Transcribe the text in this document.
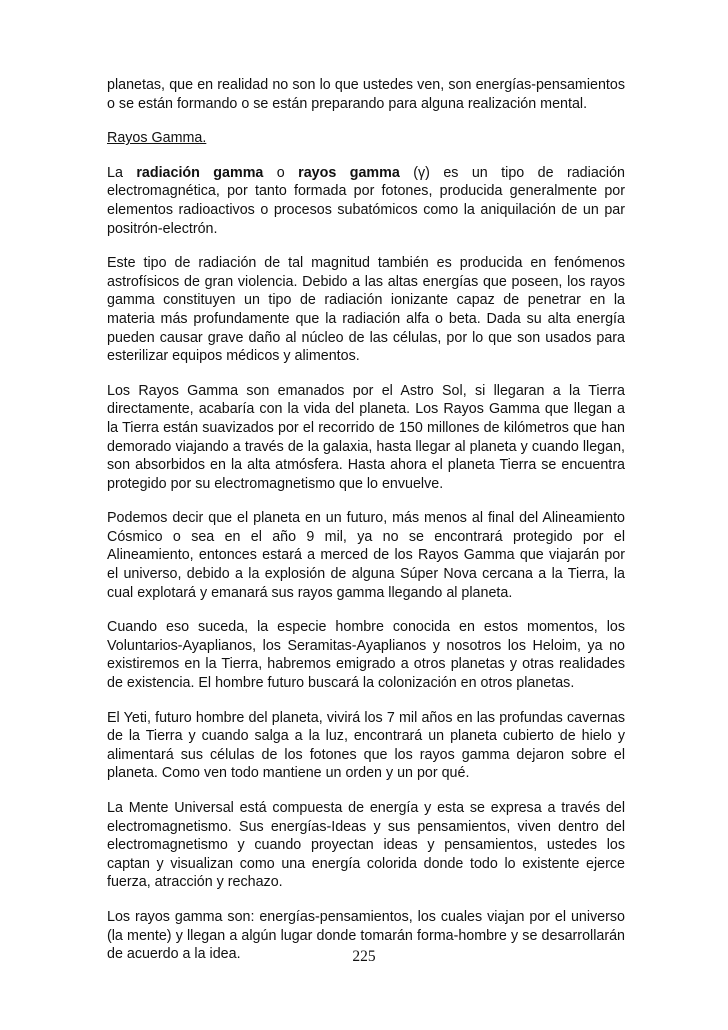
planetas, que en realidad no son lo que ustedes ven, son energías-pensamientos o se están formando o se están preparando para alguna realización mental.

Rayos Gamma.

La radiación gamma o rayos gamma (γ) es un tipo de radiación electromagnética, por tanto formada por fotones, producida generalmente por elementos radioactivos o procesos subatómicos como la aniquilación de un par positrón-electrón.

Este tipo de radiación de tal magnitud también es producida en fenómenos astrofísicos de gran violencia. Debido a las altas energías que poseen, los rayos gamma constituyen un tipo de radiación ionizante capaz de penetrar en la materia más profundamente que la radiación alfa o beta. Dada su alta energía pueden causar grave daño al núcleo de las células, por lo que son usados para esterilizar equipos médicos y alimentos.

Los Rayos Gamma son emanados por el Astro Sol, si llegaran a la Tierra directamente, acabaría con la vida del planeta. Los Rayos Gamma que llegan a la Tierra están suavizados por el recorrido de 150 millones de kilómetros que han demorado viajando a través de la galaxia, hasta llegar al planeta y cuando llegan, son absorbidos en la alta atmósfera. Hasta ahora el planeta Tierra se encuentra protegido por su electromagnetismo que lo envuelve.

Podemos decir que el planeta en un futuro, más menos al final del Alineamiento Cósmico o sea en el año 9 mil, ya no se encontrará protegido por el Alineamiento, entonces estará a merced de los Rayos Gamma que viajarán por el universo, debido a la explosión de alguna Súper Nova cercana a la Tierra, la cual explotará y emanará sus rayos gamma llegando al planeta.

Cuando eso suceda, la especie hombre conocida en estos momentos, los Voluntarios-Ayaplianos, los Seramitas-Ayaplianos y nosotros los Heloim, ya no existiremos en la Tierra, habremos emigrado a otros planetas y otras realidades de existencia. El hombre futuro buscará la colonización en otros planetas.

El Yeti, futuro hombre del planeta, vivirá los 7 mil años en las profundas cavernas de la Tierra y cuando salga a la luz, encontrará un planeta cubierto de hielo y alimentará sus células de los fotones que los rayos gamma dejaron sobre el planeta. Como ven todo mantiene un orden y un por qué.

La Mente Universal está compuesta de energía y esta se expresa a través del electromagnetismo. Sus energías-Ideas y sus pensamientos, viven dentro del electromagnetismo y cuando proyectan ideas y pensamientos, ustedes los captan y visualizan como una energía colorida donde todo lo existente ejerce fuerza, atracción y rechazo.

Los rayos gamma son: energías-pensamientos, los cuales viajan por el universo (la mente) y llegan a algún lugar donde tomarán forma-hombre y se desarrollarán de acuerdo a la idea.	225
